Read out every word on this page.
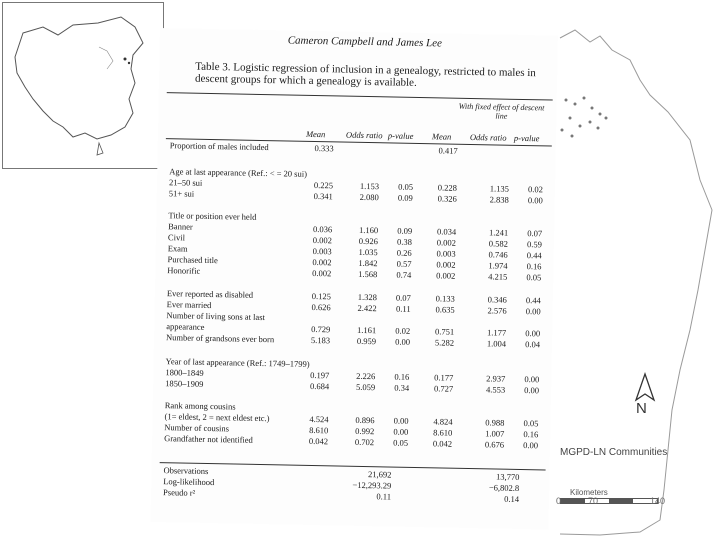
N
MGPD-LN Communities
Kilometers
0	70	140
Cameron Campbell and James Lee
Table 3. Logistic regression of inclusion in a genealogy, restricted to males in descent groups for which a genealogy is available.
With fixed effect of descent line
Mean Odds ratio p-value Mean Odds ratio p-value
Proportion of males included	0.333	0.417
Age at last appearance (Ref.: < = 20 sui)
21–50 sui	0.225	1.153	0.05	0.228	1.135	0.02
51+ sui	0.341	2.080	0.09	0.326	2.838	0.00
Title or position ever held
Banner	0.036	1.160	0.09	0.034	1.241	0.07
Civil	0.002	0.926	0.38	0.002	0.582	0.59
Exam	0.003	1.035	0.26	0.003	0.746	0.44
Purchased title	0.002	1.842	0.57	0.002	1.974	0.16
Honorific	0.002	1.568	0.74	0.002	4.215	0.05
Ever reported as disabled	0.125	1.328	0.07	0.133	0.346	0.44
Ever married	0.626	2.422	0.11	0.635	2.576	0.00
Number of living sons at last
appearance	0.729	1.161	0.02	0.751	1.177	0.00
Number of grandsons ever born	5.183	0.959	0.00	5.282	1.004	0.04
Year of last appearance (Ref.: 1749–1799)
1800–1849	0.197	2.226	0.16	0.177	2.937	0.00
1850–1909	0.684	5.059	0.34	0.727	4.553	0.00
Rank among cousins
(1= eldest, 2 = next eldest etc.)	4.524	0.896	0.00	4.824	0.988	0.05
Number of cousins	8.610	0.992	0.00	8.610	1.007	0.16
Grandfather not identified	0.042	0.702	0.05	0.042	0.676	0.00
Observations	21,692	13,770
Log-likelihood	−12,293.29	−6,802.8
Pseudo r²	0.11	0.14
